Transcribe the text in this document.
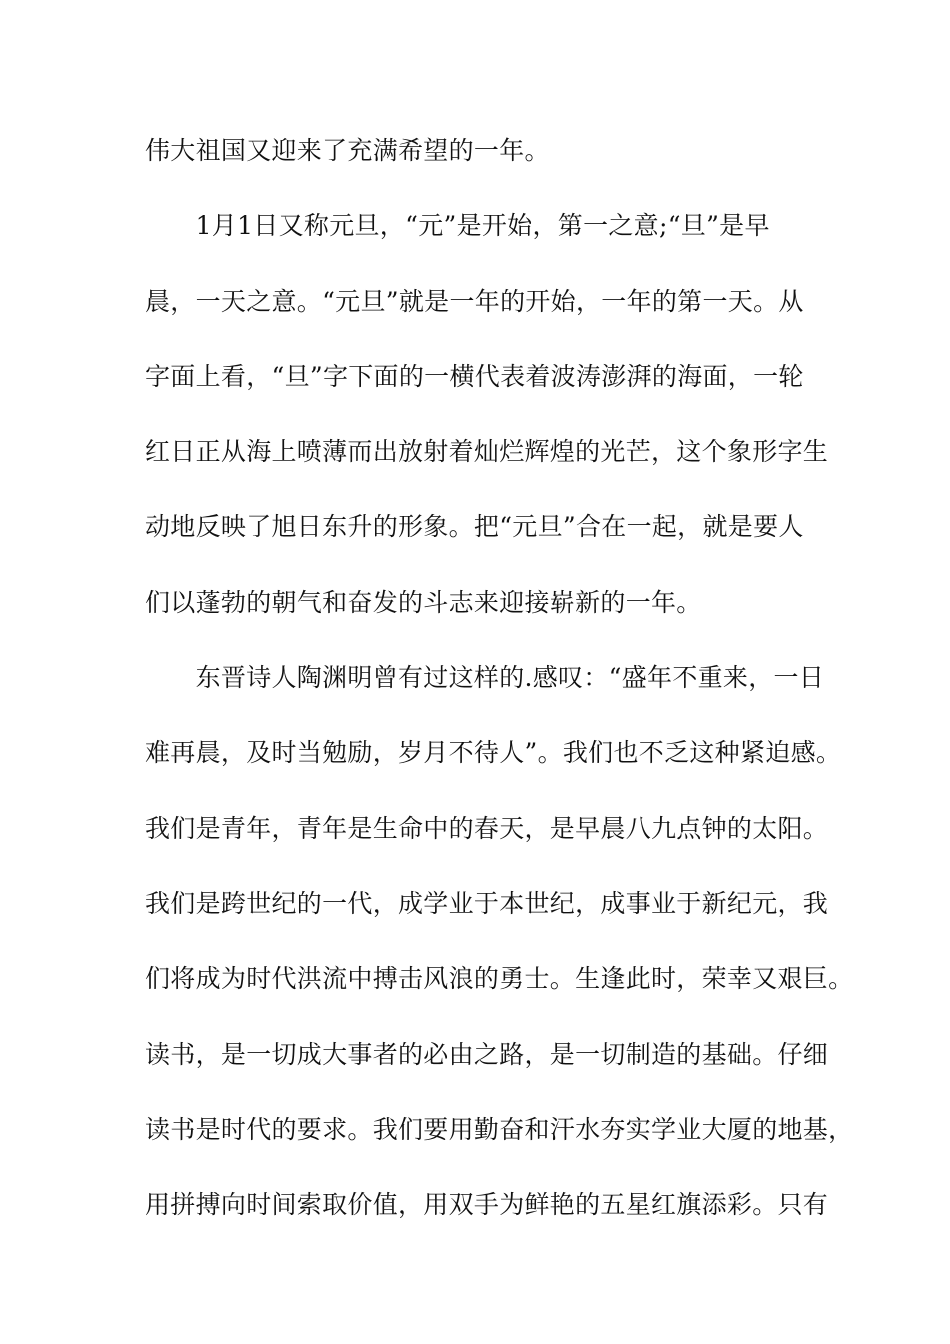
伟大祖国又迎来了充满希望的一年。
　　1月1日又称元旦，“元”是开始，第一之意;“旦”是早
晨，一天之意。“元旦”就是一年的开始，一年的第一天。从
字面上看，“旦”字下面的一横代表着波涛澎湃的海面，一轮
红日正从海上喷薄而出放射着灿烂辉煌的光芒，这个象形字生
动地反映了旭日东升的形象。把“元旦”合在一起，就是要人
们以蓬勃的朝气和奋发的斗志来迎接崭新的一年。
　　东晋诗人陶渊明曾有过这样的.感叹：“盛年不重来，一日
难再晨，及时当勉励，岁月不待人”。我们也不乏这种紧迫感。
我们是青年，青年是生命中的春天，是早晨八九点钟的太阳。
我们是跨世纪的一代，成学业于本世纪，成事业于新纪元，我
们将成为时代洪流中搏击风浪的勇士。生逢此时，荣幸又艰巨。
读书，是一切成大事者的必由之路，是一切制造的基础。仔细
读书是时代的要求。我们要用勤奋和汗水夯实学业大厦的地基，
用拼搏向时间索取价值，用双手为鲜艳的五星红旗添彩。只有
